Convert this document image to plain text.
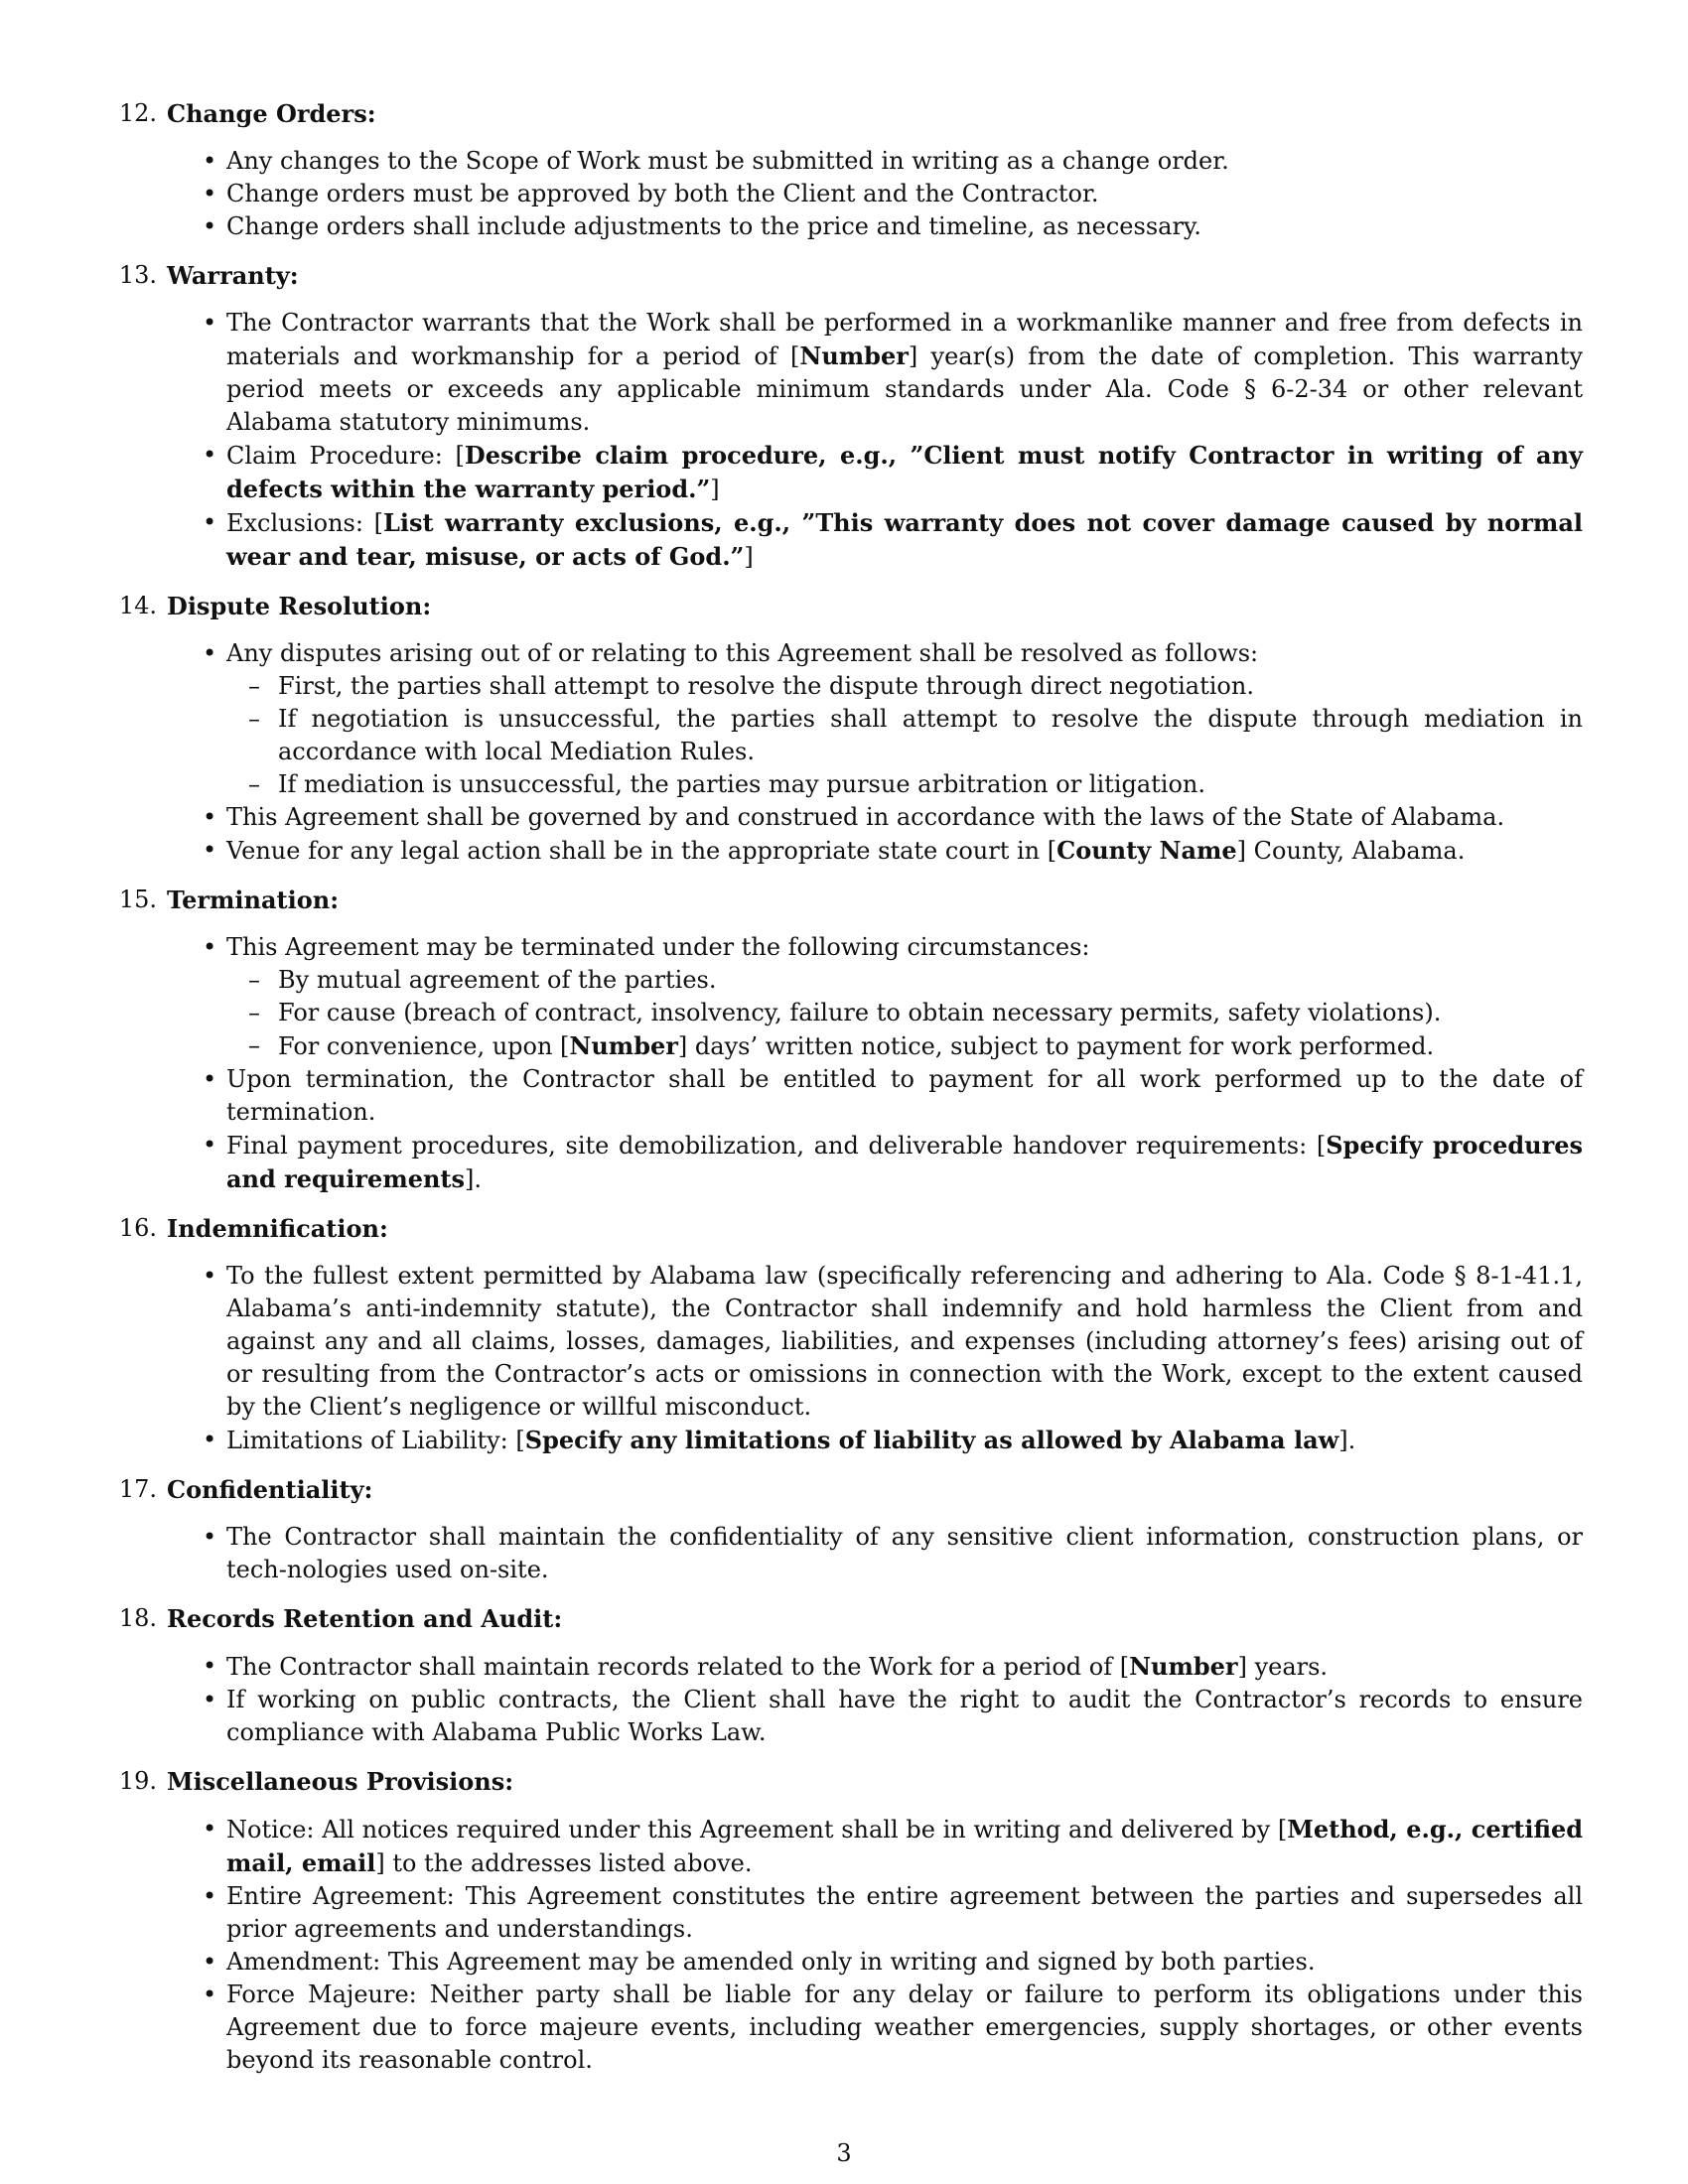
12. Change Orders:
• Any changes to the Scope of Work must be submitted in writing as a change order.
• Change orders must be approved by both the Client and the Contractor.
• Change orders shall include adjustments to the price and timeline, as necessary.
13. Warranty:
• The Contractor warrants that the Work shall be performed in a workmanlike manner and free from defects in materials and workmanship for a period of [Number] year(s) from the date of completion. This warranty period meets or exceeds any applicable minimum standards under Ala. Code § 6-2-34 or other relevant Alabama statutory minimums.
• Claim Procedure: [Describe claim procedure, e.g., ”Client must notify Contractor in writing of any defects within the warranty period.”]
• Exclusions: [List warranty exclusions, e.g., ”This warranty does not cover damage caused by normal wear and tear, misuse, or acts of God.”]
14. Dispute Resolution:
• Any disputes arising out of or relating to this Agreement shall be resolved as follows:
– First, the parties shall attempt to resolve the dispute through direct negotiation.
– If negotiation is unsuccessful, the parties shall attempt to resolve the dispute through mediation in accordance with local Mediation Rules.
– If mediation is unsuccessful, the parties may pursue arbitration or litigation.
• This Agreement shall be governed by and construed in accordance with the laws of the State of Alabama.
• Venue for any legal action shall be in the appropriate state court in [County Name] County, Alabama.
15. Termination:
• This Agreement may be terminated under the following circumstances:
– By mutual agreement of the parties.
– For cause (breach of contract, insolvency, failure to obtain necessary permits, safety violations).
– For convenience, upon [Number] days’ written notice, subject to payment for work performed.
• Upon termination, the Contractor shall be entitled to payment for all work performed up to the date of termination.
• Final payment procedures, site demobilization, and deliverable handover requirements: [Specify procedures and requirements].
16. Indemnification:
• To the fullest extent permitted by Alabama law (specifically referencing and adhering to Ala. Code § 8-1-41.1, Alabama’s anti-indemnity statute), the Contractor shall indemnify and hold harmless the Client from and against any and all claims, losses, damages, liabilities, and expenses (including attorney’s fees) arising out of or resulting from the Contractor’s acts or omissions in connection with the Work, except to the extent caused by the Client’s negligence or willful misconduct.
• Limitations of Liability: [Specify any limitations of liability as allowed by Alabama law].
17. Confidentiality:
• The Contractor shall maintain the confidentiality of any sensitive client information, construction plans, or tech-nologies used on-site.
18. Records Retention and Audit:
• The Contractor shall maintain records related to the Work for a period of [Number] years.
• If working on public contracts, the Client shall have the right to audit the Contractor’s records to ensure compliance with Alabama Public Works Law.
19. Miscellaneous Provisions:
• Notice: All notices required under this Agreement shall be in writing and delivered by [Method, e.g., certified mail, email] to the addresses listed above.
• Entire Agreement: This Agreement constitutes the entire agreement between the parties and supersedes all prior agreements and understandings.
• Amendment: This Agreement may be amended only in writing and signed by both parties.
• Force Majeure: Neither party shall be liable for any delay or failure to perform its obligations under this Agreement due to force majeure events, including weather emergencies, supply shortages, or other events beyond its reasonable control.
3
